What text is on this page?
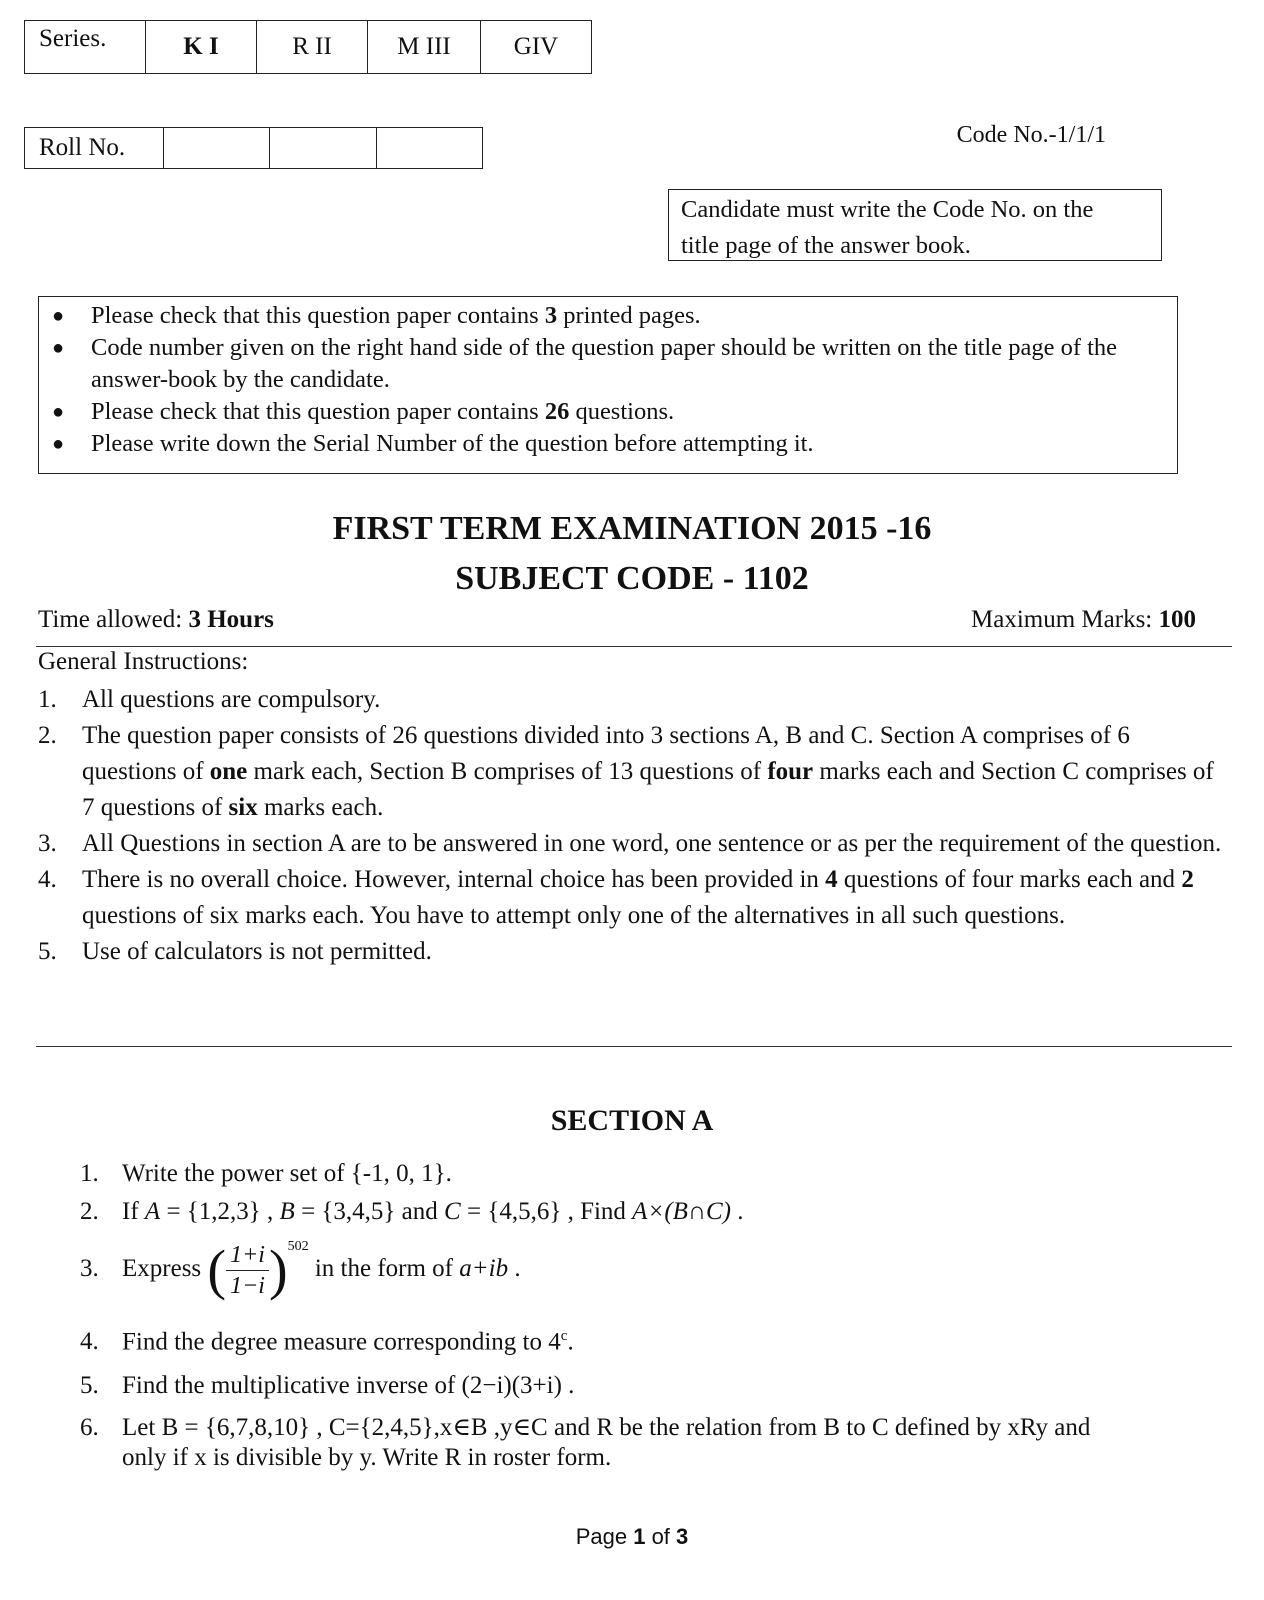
Series.	K I	R II	M III	GIV
Roll No.				Code No.-1/1/1
Candidate must write the Code No. on the
title page of the answer book.
● Please check that this question paper contains 3 printed pages.
● Code number given on the right hand side of the question paper should be written on the title page of the answer-book by the candidate.
● Please check that this question paper contains 26 questions.
● Please write down the Serial Number of the question before attempting it.
FIRST TERM EXAMINATION 2015 -16
SUBJECT CODE - 1102
Time allowed: 3 Hours	Maximum Marks: 100
General Instructions:
1. All questions are compulsory.
2. The question paper consists of 26 questions divided into 3 sections A, B and C. Section A comprises of 6 questions of one mark each, Section B comprises of 13 questions of four marks each and Section C comprises of 7 questions of six marks each.
3. All Questions in section A are to be answered in one word, one sentence or as per the requirement of the question.
4. There is no overall choice. However, internal choice has been provided in 4 questions of four marks each and 2 questions of six marks each. You have to attempt only one of the alternatives in all such questions.
5. Use of calculators is not permitted.
SECTION A
1. Write the power set of {-1, 0, 1}.
2. If A = {1,2,3} , B = {3,4,5} and C = {4,5,6} , Find A×(B∩C) .
3. Express ( $\frac{1+i}{1-i} )^{502}$ in the form of a+ib .
4. Find the degree measure corresponding to 4$^c$.
5. Find the multiplicative inverse of (2−i)(3+i) .
6. Let B = {6,7,8,10} , C={2,4,5},x∈B ,y∈C and R be the relation from B to C defined by xRy and
only if x is divisible by y. Write R in roster form.
Page 1 of 3
